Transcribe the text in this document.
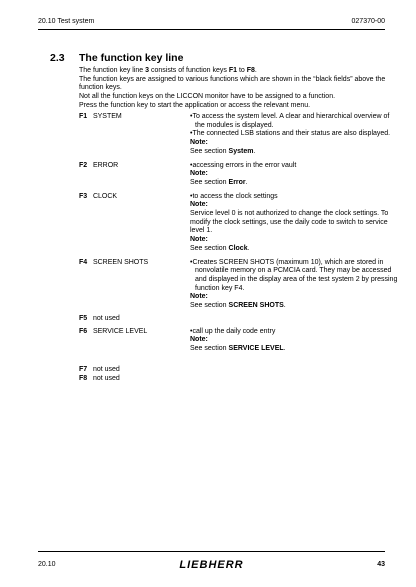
20.10 Test system	027370-00
2.3 The function key line

The function key line 3 consists of function keys F1 to F8.

The function keys are assigned to various functions which are shown in the “black fields” above the function keys.

Not all the function keys on the LICCON monitor have to be assigned to a function.

Press the function key to start the application or access the relevant menu.

F1 SYSTEM	• To access the system level. A clear and hierarchical overview of the modules is displayed.
• The connected LSB stations and their status are also displayed.
Note:
See section System.
F2 ERROR	• accessing errors in the error vault
Note:
See section Error.
F3 CLOCK	• to access the clock settings
Note:
Service level 0 is not authorized to change the clock settings. To modify the clock settings, use the daily code to switch to service level 1.
Note:
See section Clock.
F4 SCREEN SHOTS	• Creates SCREEN SHOTS (maximum 10), which are stored in nonvolatile memory on a PCMCIA card. They may be accessed and displayed in the display area of the test system 2 by pressing function key F4.
Note:
See section SCREEN SHOTS.
F5 not used
F6 SERVICE LEVEL	• call up the daily code entry
Note:
See section SERVICE LEVEL.
F7 not used
F8 not used
20.10	LIEBHERR	43
